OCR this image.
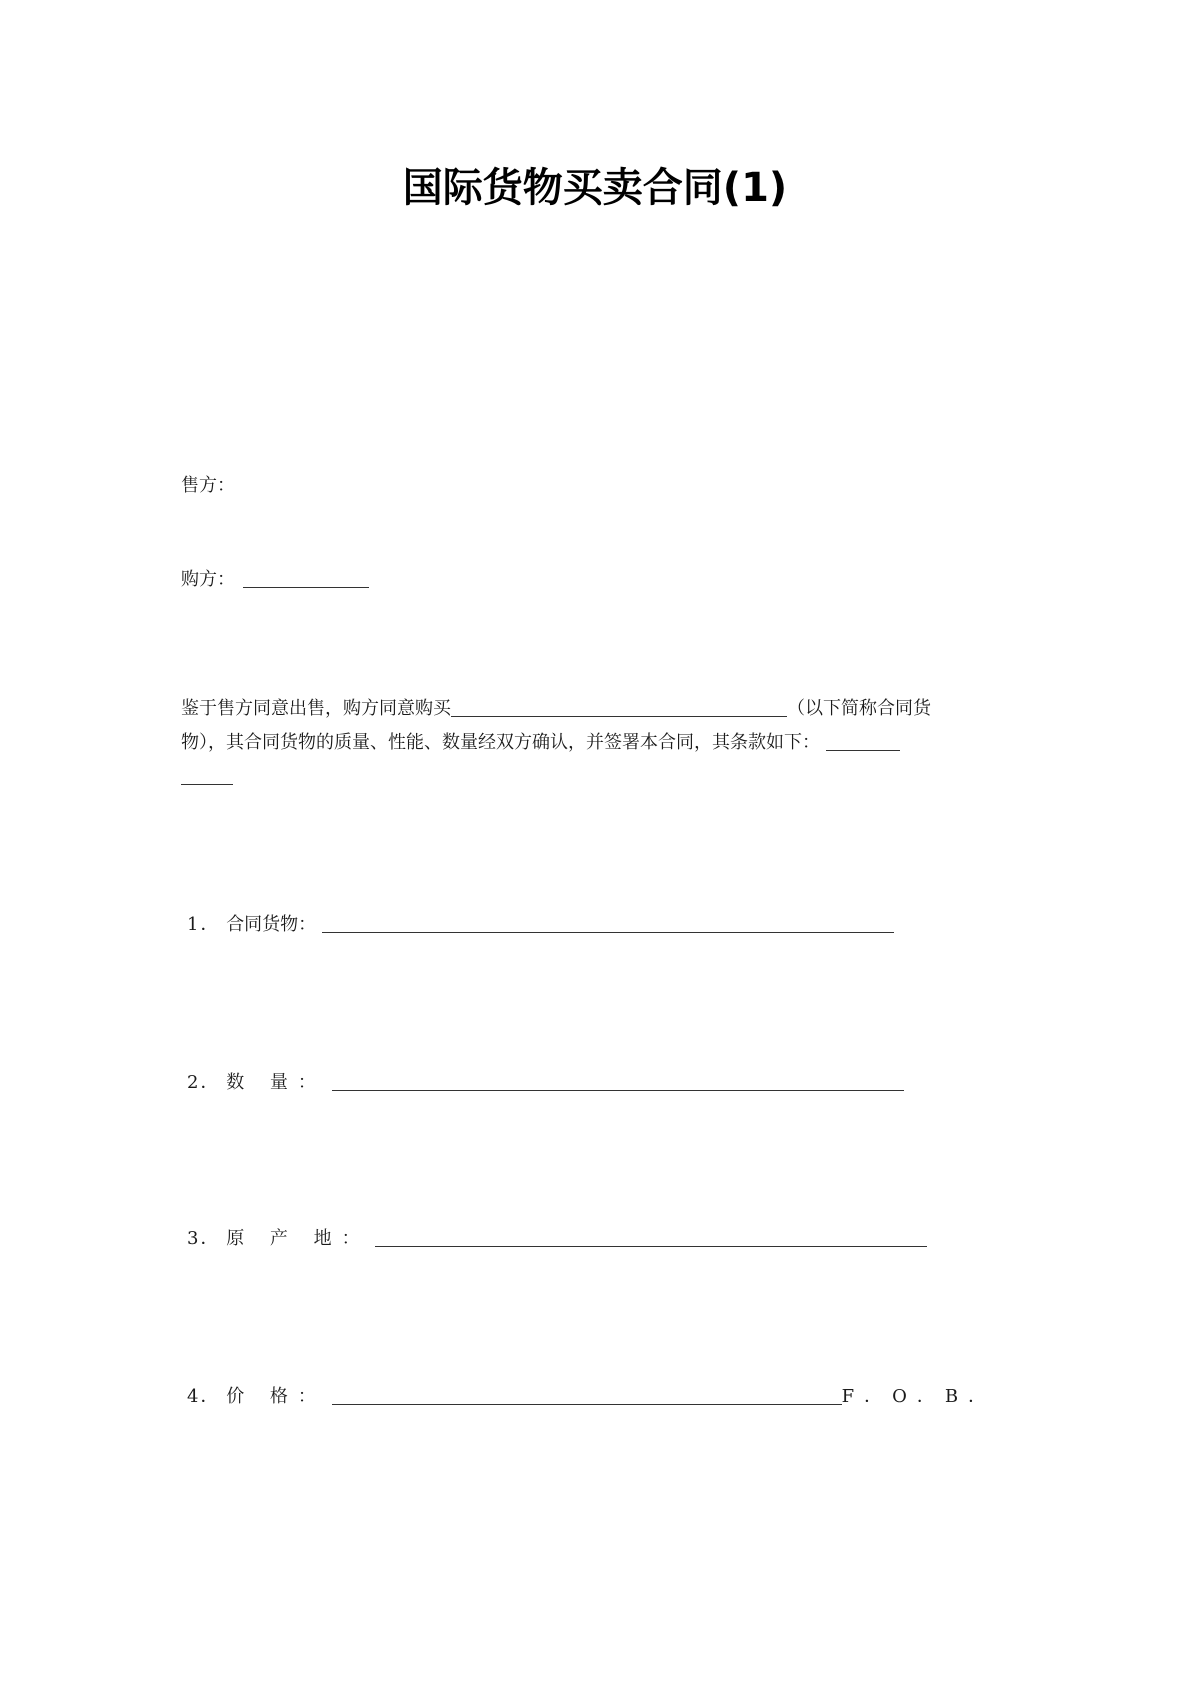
国际货物买卖合同(1)
售方：
购方：
鉴于售方同意出售，购方同意购买	（以下简称合同货
物），其合同货物的质量、性能、数量经双方确认，并签署本合同，其条款如下：
1． 合同货物：
2． 数 量：
3． 原 产 地：
4． 价 格：	F．O．B．
